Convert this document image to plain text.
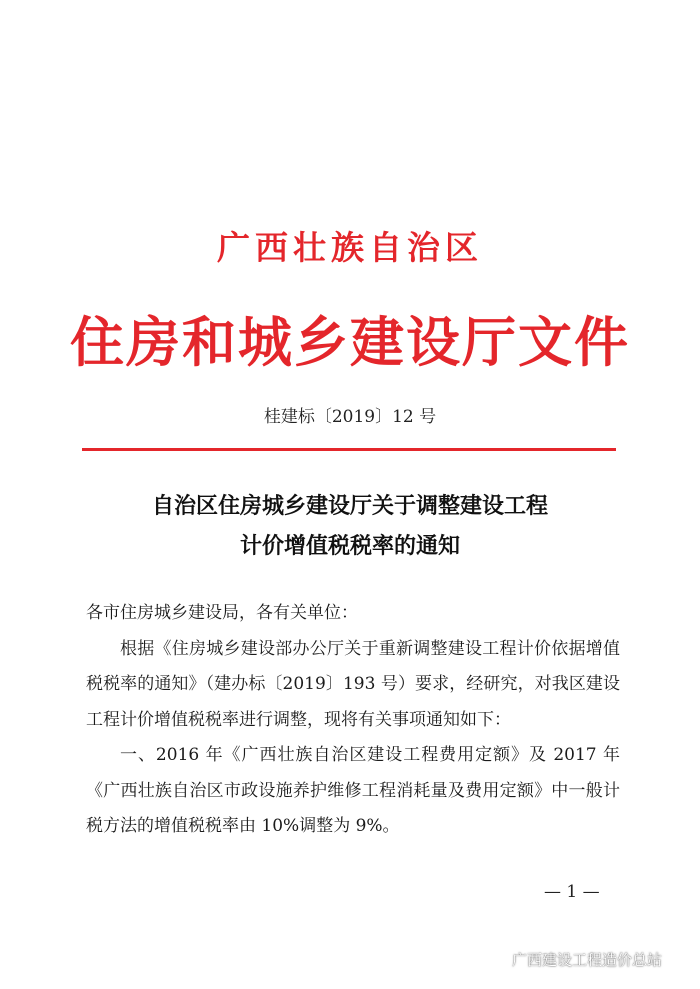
广西壮族自治区
住房和城乡建设厅文件
桂建标〔2019〕12 号
自治区住房城乡建设厅关于调整建设工程
计价增值税税率的通知

各市住房城乡建设局，各有关单位：

根据《住房城乡建设部办公厅关于重新调整建设工程计价依据增值税税率的通知》（建办标〔2019〕193 号）要求，经研究，对我区建设工程计价增值税税率进行调整，现将有关事项通知如下：

一、2016 年《广西壮族自治区建设工程费用定额》及 2017 年《广西壮族自治区市政设施养护维修工程消耗量及费用定额》中一般计税方法的增值税税率由 10%调整为 9%。

— 1 —
广西建设工程造价总站
